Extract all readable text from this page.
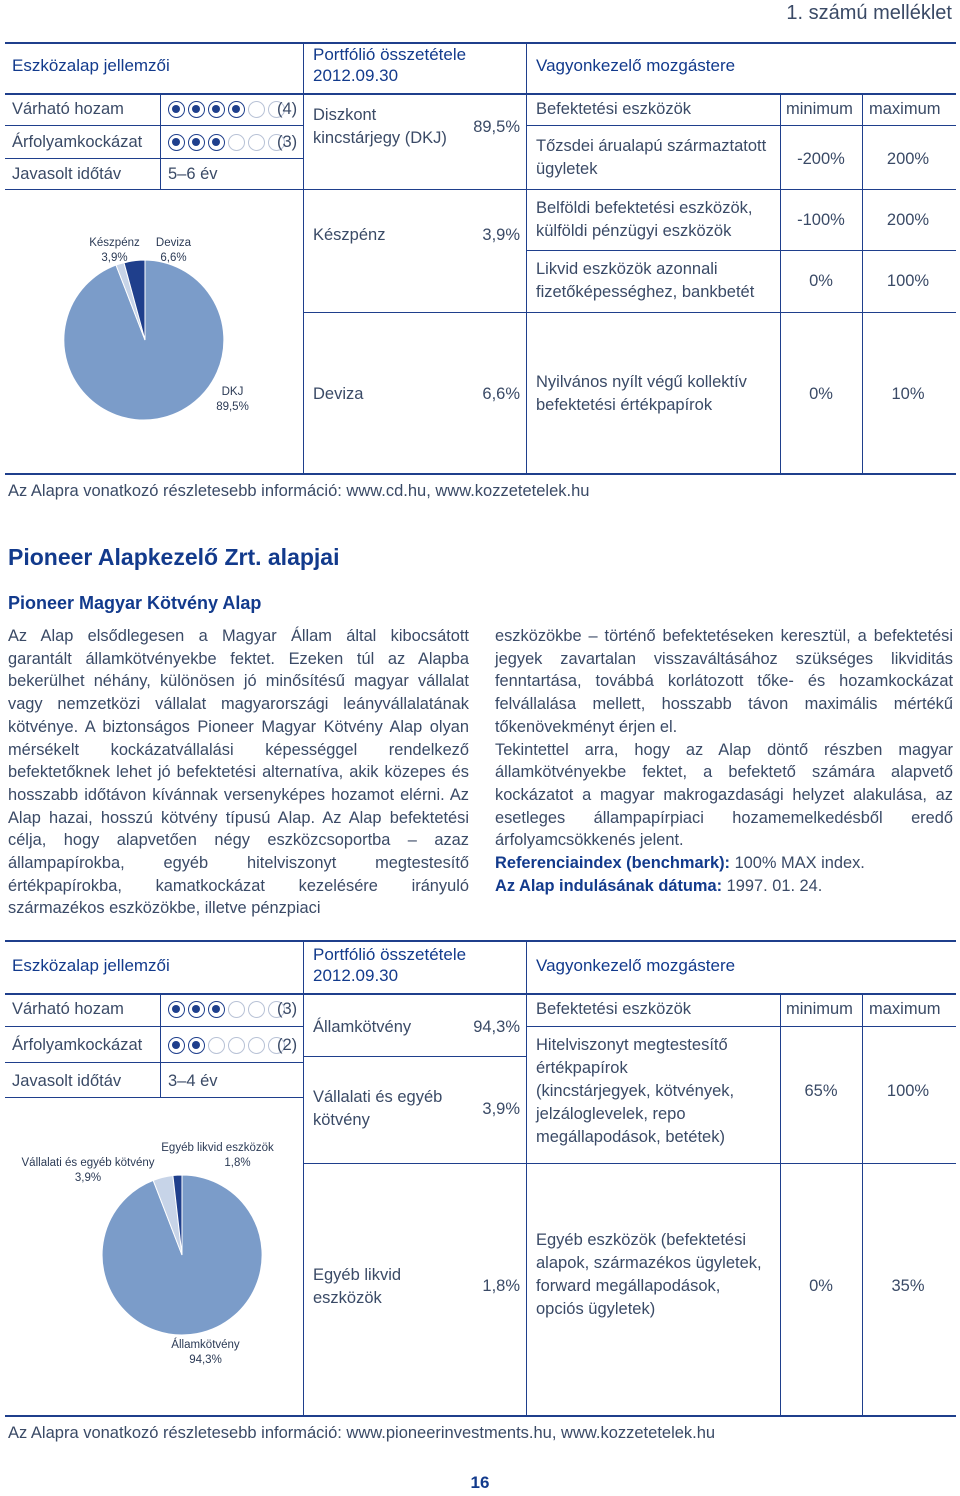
1. számú melléklet
Eszközalap jellemzői
Portfólió összetétele 2012.09.30
Vagyonkezelő mozgástere
Várható hozam	(4)
Árfolyamkockázat	(3)
Javasolt időtáv	5–6 év
Diszkont kincstárjegy (DKJ)
89,5%
Készpénz	3,9%
Deviza	6,6%
Befektetési eszközök	minimum maximum
Tőzsdei árualapú származtatott ügyletek
-200%	200%
Belföldi befektetési eszközök, külföldi pénzügyi eszközök
-100%	200%
Likvid eszközök azonnali fizetőképességhez, bankbetét
0%	100%
Nyilvános nyílt végű kollektív befektetési értékpapírok
0%	10%
Készpénz
3,9%
Deviza
6,6%
DKJ
89,5%
Az Alapra vonatkozó részletesebb információ: www.cd.hu, www.kozzetetelek.hu
Pioneer Alapkezelő Zrt. alapjai
Pioneer Magyar Kötvény Alap
Az Alap elsődlegesen a Magyar Állam által kibocsátott garantált államkötvényekbe fektet. Ezeken túl az Alapba bekerülhet néhány, különösen jó minősítésű magyar vállalat vagy nemzetközi vállalat magyarországi leányvállalatának kötvénye. A biztonságos Pioneer Magyar Kötvény Alap olyan mérsékelt kockázatvállalási képességgel rendelkező befektetőknek lehet jó befektetési alternatíva, akik közepes és hosszabb időtávon kívánnak versenyképes hozamot elérni. Az Alap hazai, hosszú kötvény típusú Alap. Az Alap befektetési célja, hogy alapvetően négy eszközcsoportba – azaz állampapírokba, egyéb hitelviszonyt megtestesítő értékpapírokba, kamatkockázat kezelésére irányuló származékos eszközökbe, illetve pénzpiaci
eszközökbe – történő befektetéseken keresztül, a befektetési jegyek zavartalan visszaváltásához szükséges likviditás fenntartása, továbbá korlátozott tőke- és hozamkockázat felvállalása mellett, hosszabb távon maximális mértékű tőkenövekményt érjen el.
Tekintettel arra, hogy az Alap döntő részben magyar államkötvényekbe fektet, a befektető számára alapvető kockázatot a magyar makrogazdasági helyzet alakulása, az esetleges állampapírpiaci hozamemelkedésből eredő árfolyamcsökkenés jelent.
Referenciaindex (benchmark): 100% MAX index.
Az Alap indulásának dátuma: 1997. 01. 24.
Eszközalap jellemzői
Portfólió összetétele 2012.09.30
Vagyonkezelő mozgástere
Várható hozam	(3)
Árfolyamkockázat	(2)
Javasolt időtáv	3–4 év
Államkötvény	94,3%
Vállalati és egyéb kötvény
3,9%
Egyéb likvid eszközök
1,8%
Befektetési eszközök	minimum maximum
Hitelviszonyt megtestesítő értékpapírok (kincstárjegyek, kötvények, jelzáloglevelek, repo megállapodások, betétek)
65%	100%
Egyéb eszközök (befektetési alapok, származékos ügyletek, forward megállapodások, opciós ügyletek)
0%	35%
Egyéb likvid eszközök
1,8%
Vállalati és egyéb kötvény
3,9%
Államkötvény
94,3%
Az Alapra vonatkozó részletesebb információ: www.pioneerinvestments.hu, www.kozzetetelek.hu
16
